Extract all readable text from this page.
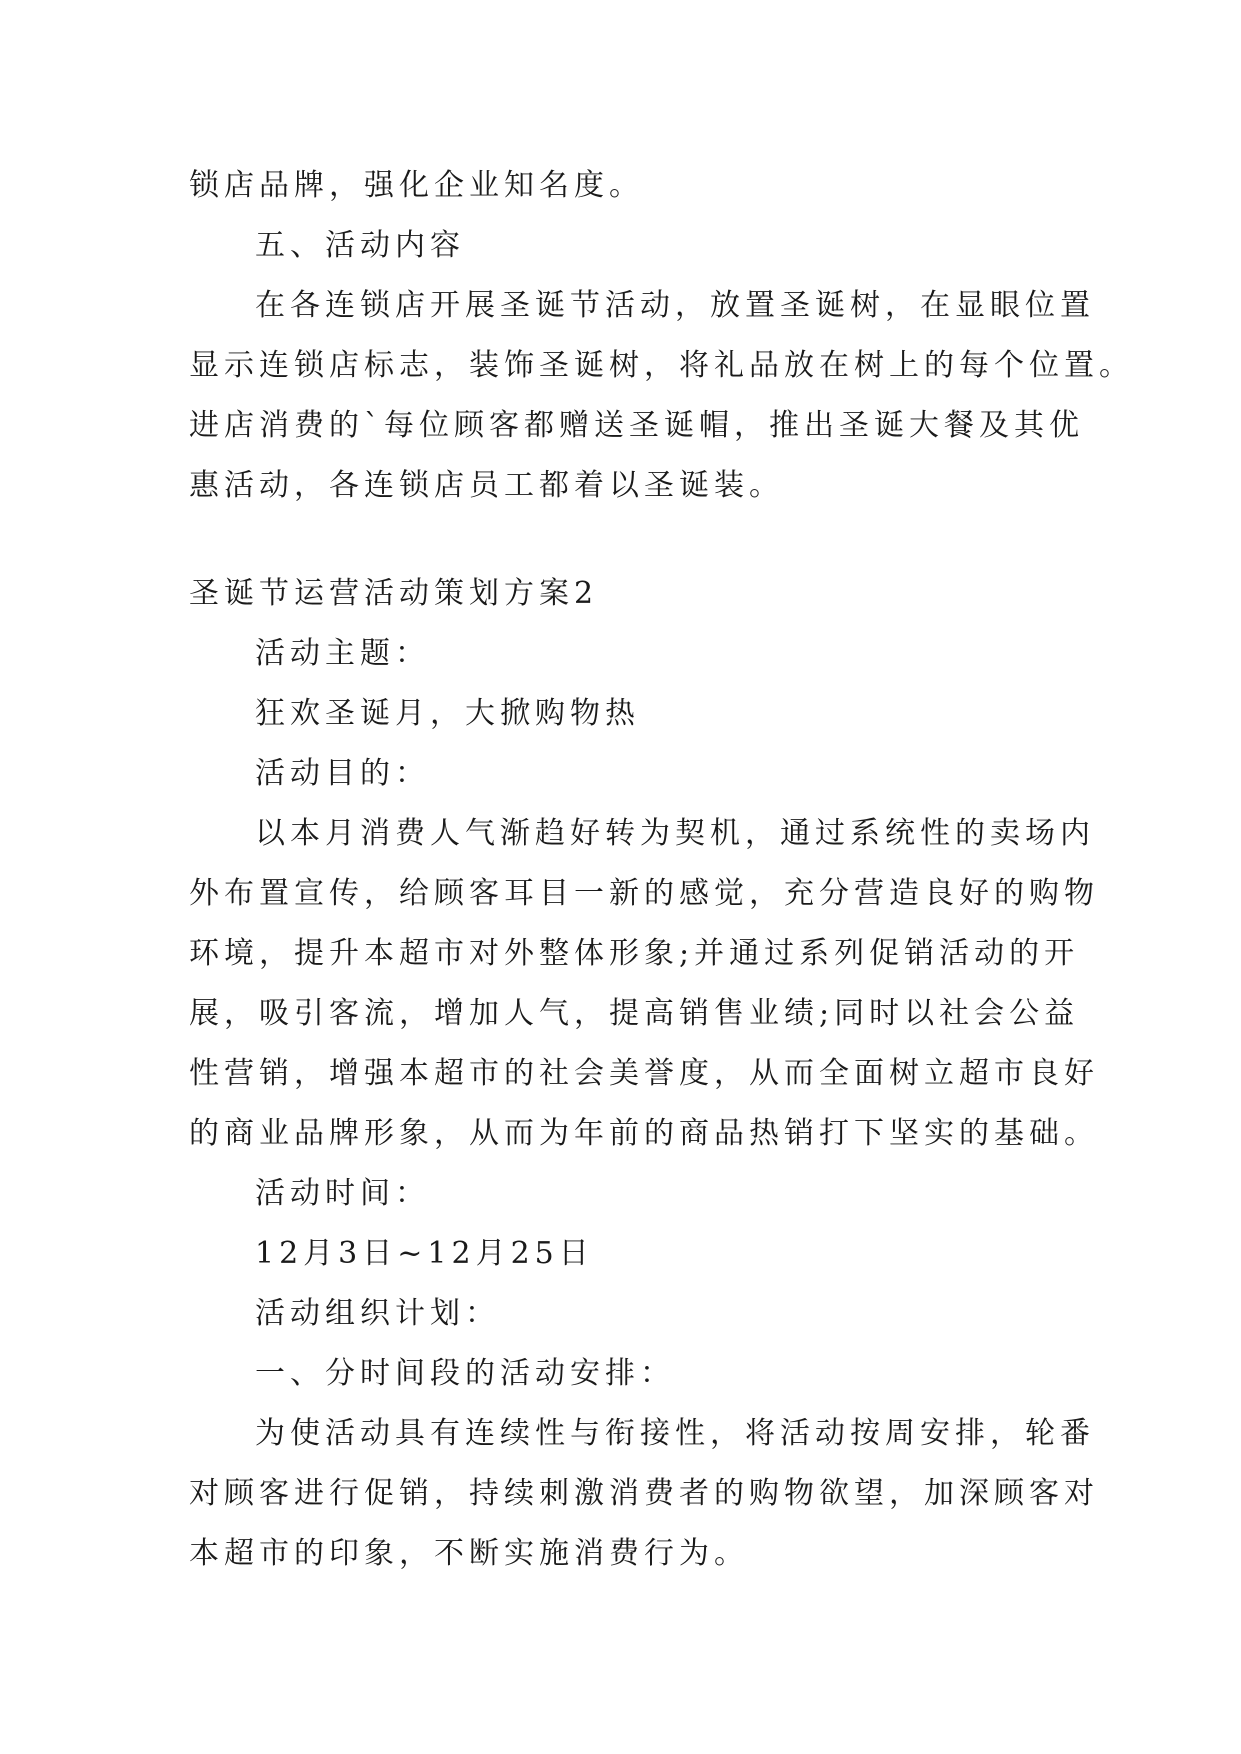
锁店品牌，强化企业知名度。
五、活动内容
在各连锁店开展圣诞节活动，放置圣诞树，在显眼位置
显示连锁店标志，装饰圣诞树，将礼品放在树上的每个位置。
进店消费的`每位顾客都赠送圣诞帽，推出圣诞大餐及其优
惠活动，各连锁店员工都着以圣诞装。
圣诞节运营活动策划方案2
活动主题：
狂欢圣诞月，大掀购物热
活动目的：
以本月消费人气渐趋好转为契机，通过系统性的卖场内
外布置宣传，给顾客耳目一新的感觉，充分营造良好的购物
环境，提升本超市对外整体形象;并通过系列促销活动的开
展，吸引客流，增加人气，提高销售业绩;同时以社会公益
性营销，增强本超市的社会美誉度，从而全面树立超市良好
的商业品牌形象，从而为年前的商品热销打下坚实的基础。
活动时间：
12月3日~12月25日
活动组织计划：
一、分时间段的活动安排：
为使活动具有连续性与衔接性，将活动按周安排，轮番
对顾客进行促销，持续刺激消费者的购物欲望，加深顾客对
本超市的印象，不断实施消费行为。
